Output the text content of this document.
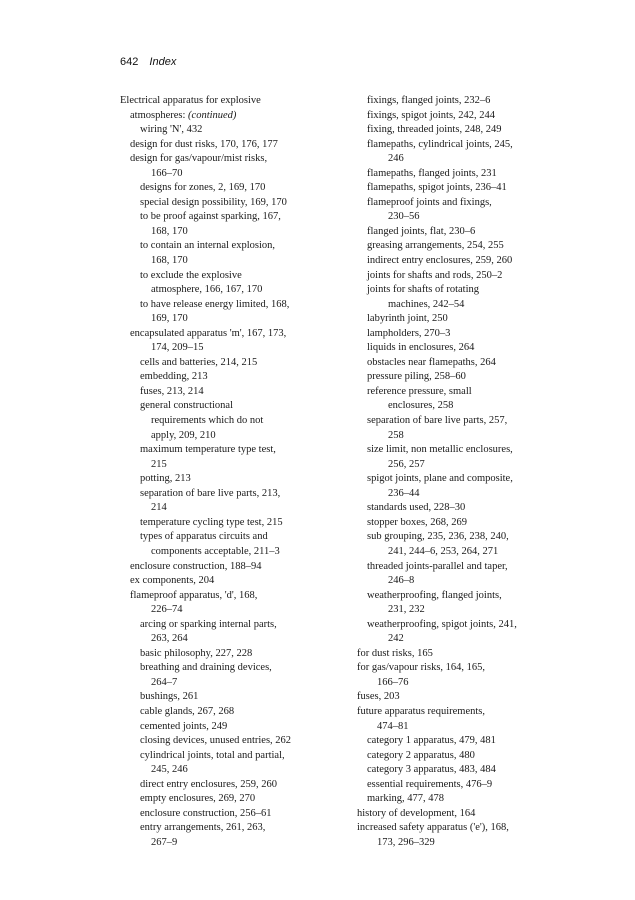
642 Index
Electrical apparatus for explosive
atmospheres: (continued)
wiring 'N', 432
design for dust risks, 170, 176, 177
design for gas/vapour/mist risks,
166–70
designs for zones, 2, 169, 170
special design possibility, 169, 170
to be proof against sparking, 167,
168, 170
to contain an internal explosion,
168, 170
to exclude the explosive
atmosphere, 166, 167, 170
to have release energy limited, 168,
169, 170
encapsulated apparatus 'm', 167, 173,
174, 209–15
cells and batteries, 214, 215
embedding, 213
fuses, 213, 214
general constructional
requirements which do not
apply, 209, 210
maximum temperature type test,
215
potting, 213
separation of bare live parts, 213,
214
temperature cycling type test, 215
types of apparatus circuits and
components acceptable, 211–3
enclosure construction, 188–94
ex components, 204
flameproof apparatus, 'd', 168,
226–74
arcing or sparking internal parts,
263, 264
basic philosophy, 227, 228
breathing and draining devices,
264–7
bushings, 261
cable glands, 267, 268
cemented joints, 249
closing devices, unused entries, 262
cylindrical joints, total and partial,
245, 246
direct entry enclosures, 259, 260
empty enclosures, 269, 270
enclosure construction, 256–61
entry arrangements, 261, 263,
267–9
fixings, flanged joints, 232–6
fixings, spigot joints, 242, 244
fixing, threaded joints, 248, 249
flamepaths, cylindrical joints, 245,
246
flamepaths, flanged joints, 231
flamepaths, spigot joints, 236–41
flameproof joints and fixings,
230–56
flanged joints, flat, 230–6
greasing arrangements, 254, 255
indirect entry enclosures, 259, 260
joints for shafts and rods, 250–2
joints for shafts of rotating
machines, 242–54
labyrinth joint, 250
lampholders, 270–3
liquids in enclosures, 264
obstacles near flamepaths, 264
pressure piling, 258–60
reference pressure, small
enclosures, 258
separation of bare live parts, 257,
258
size limit, non metallic enclosures,
256, 257
spigot joints, plane and composite,
236–44
standards used, 228–30
stopper boxes, 268, 269
sub grouping, 235, 236, 238, 240,
241, 244–6, 253, 264, 271
threaded joints-parallel and taper,
246–8
weatherproofing, flanged joints,
231, 232
weatherproofing, spigot joints, 241,
242
for dust risks, 165
for gas/vapour risks, 164, 165,
166–76
fuses, 203
future apparatus requirements,
474–81
category 1 apparatus, 479, 481
category 2 apparatus, 480
category 3 apparatus, 483, 484
essential requirements, 476–9
marking, 477, 478
history of development, 164
increased safety apparatus ('e'), 168,
173, 296–329
